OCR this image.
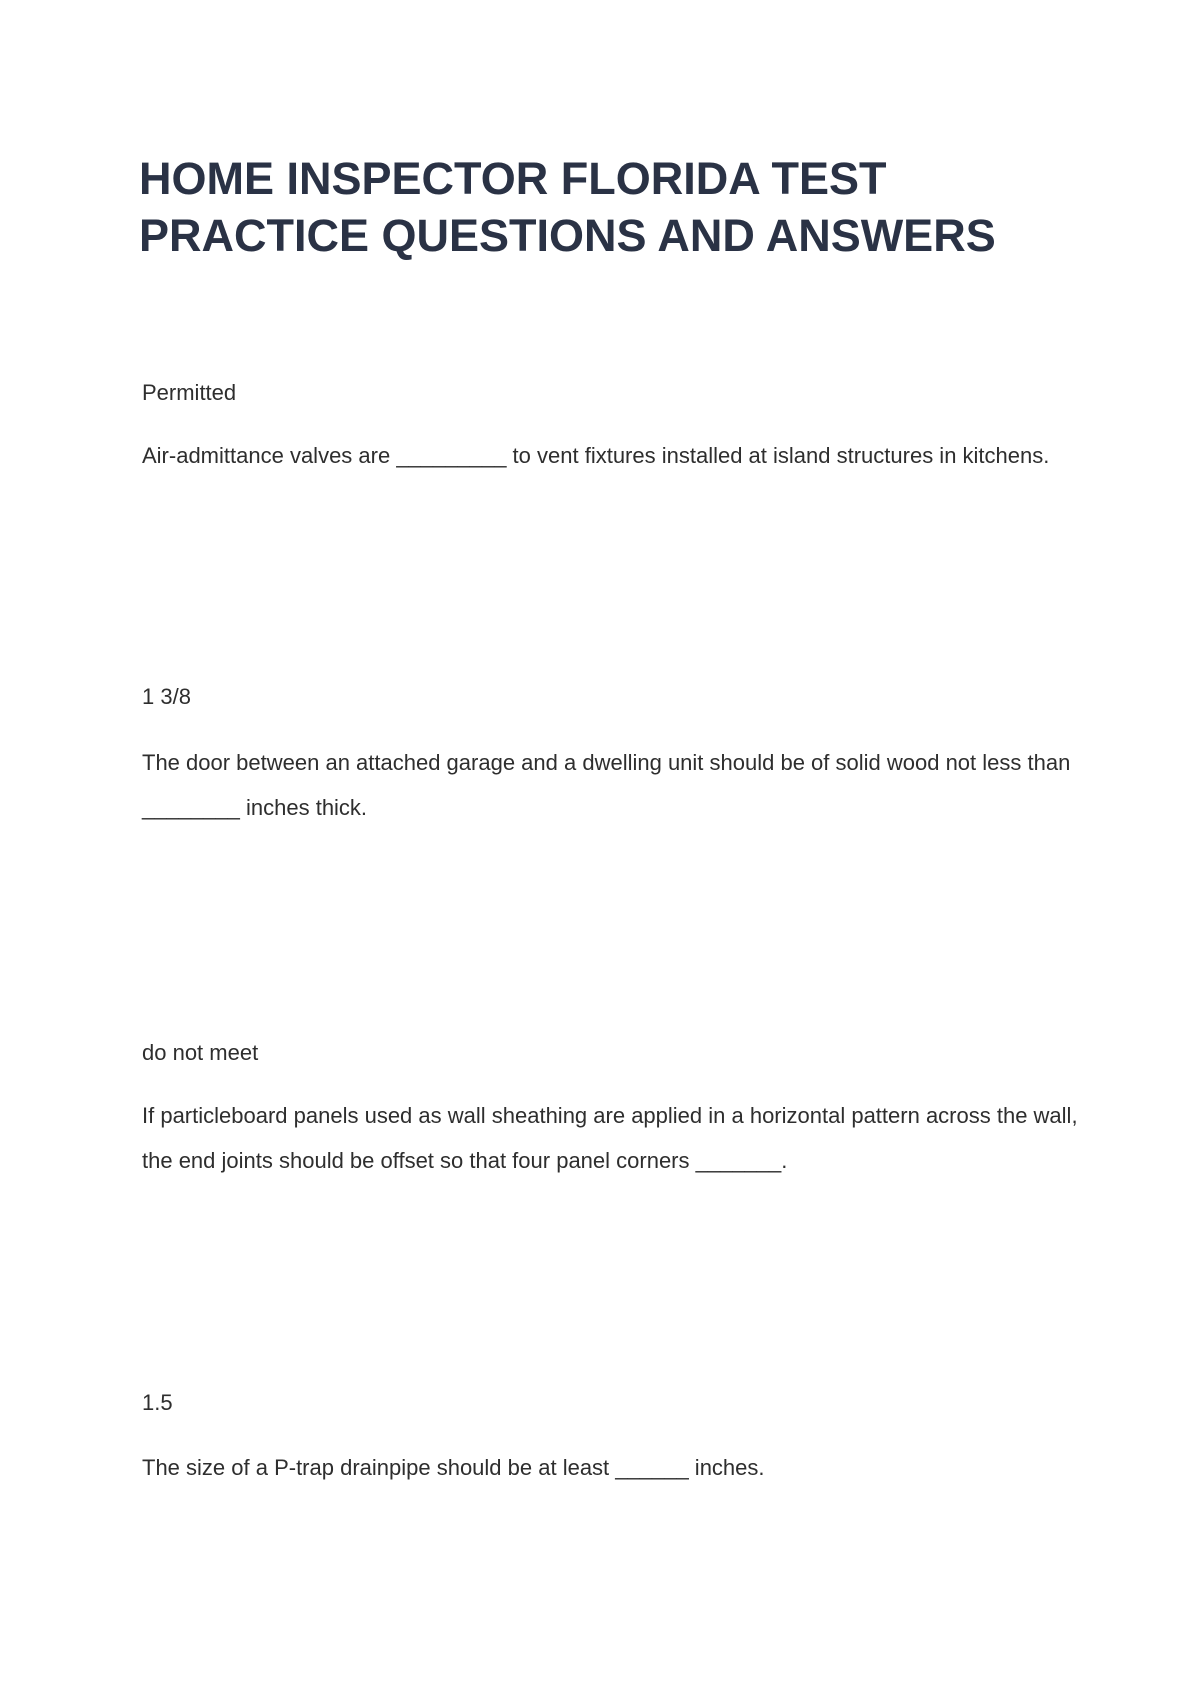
HOME INSPECTOR FLORIDA TEST
PRACTICE QUESTIONS AND ANSWERS
Permitted
Air-admittance valves are _________ to vent fixtures installed at island structures in kitchens.
1 3/8
The door between an attached garage and a dwelling unit should be of solid wood not less than
________ inches thick.
do not meet
If particleboard panels used as wall sheathing are applied in a horizontal pattern across the wall,
the end joints should be offset so that four panel corners _______.
1.5
The size of a P-trap drainpipe should be at least ______ inches.
